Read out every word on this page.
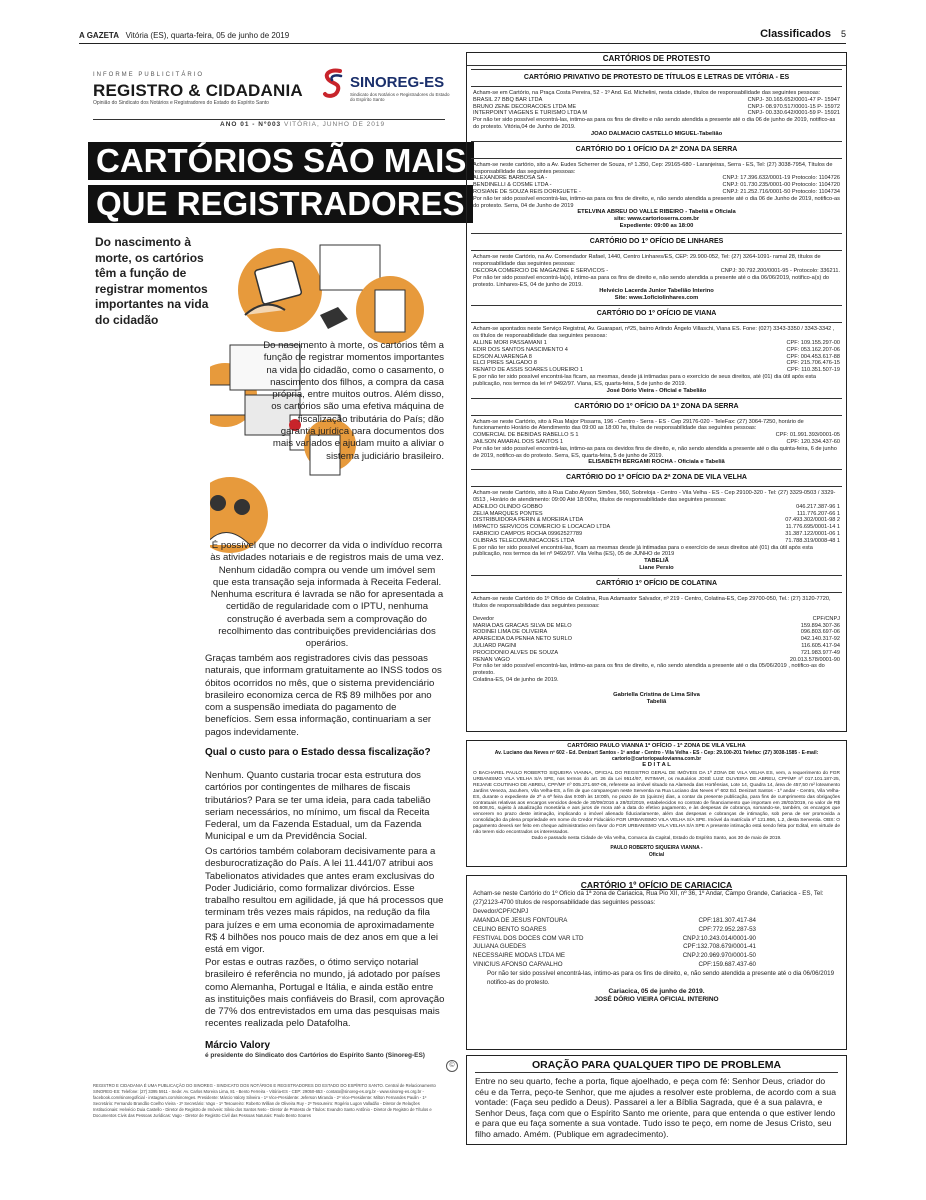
A GAZETA Vitória (ES), quarta-feira, 05 de junho de 2019	Classificados 5
INFORME PUBLICITÁRIO
REGISTRO & CIDADANIA
Opinião do Sindicato dos Notários e Registradores do Estado do Espírito Santo
SINOREG-ES
Sindicato dos Notários e Registradores do Estado do Espírito Santo
ANO 01 - Nº003 VITÓRIA, JUNHO DE 2019
CARTÓRIOS SÃO MAIS
QUE REGISTRADORES
Do nascimento à morte, os cartórios têm a função de registrar momentos importantes na vida do cidadão
Do nascimento à morte, os cartórios têm a função de registrar momentos importantes na vida do cidadão, como o casamento, o nascimento dos filhos, a compra da casa própria, entre muitos outros. Além disso, os cartórios são uma efetiva máquina de fiscalização tributária do País; dão garantia jurídica para documentos dos mais variados e ajudam muito a aliviar o sistema judiciário brasileiro.
É possível que no decorrer da vida o indivíduo recorra às atividades notariais e de registros mais de uma vez. Nenhum cidadão compra ou vende um imóvel sem que esta transação seja informada à Receita Federal. Nenhuma escritura é lavrada se não for apresentada a certidão de regularidade com o IPTU, nenhuma construção é averbada sem a comprovação do recolhimento das contribuições previdenciárias dos operários.
Graças também aos registradores civis das pessoas naturais, que informam gratuitamente ao INSS todos os óbitos ocorridos no mês, que o sistema previdenciário brasileiro economiza cerca de R$ 89 milhões por ano com a suspensão imediata do pagamento de benefícios. Sem essa informação, continuariam a ser pagos indevidamente.
Qual o custo para o Estado dessa fiscalização?
Nenhum. Quanto custaria trocar esta estrutura dos cartórios por contingentes de milhares de fiscais tributários? Para se ter uma ideia, para cada tabelião seriam necessários, no mínimo, um fiscal da Receita Federal, um da Fazenda Estadual, um da Fazenda Municipal e um da Previdência Social.
Os cartórios também colaboram decisivamente para a desburocratização do País. A lei 11.441/07 atribui aos Tabelionatos atividades que antes eram exclusivas do Poder Judiciário, como formalizar divórcios. Esse trabalho resultou em agilidade, já que há processos que terminam três vezes mais rápidos, na redução da fila para juízes e em uma economia de aproximadamente R$ 4 bilhões nos pouco mais de dez anos em que a lei está em vigor.
Por estas e outras razões, o ótimo serviço notarial brasileiro é referência no mundo, já adotado por países como Alemanha, Portugal e Itália, e ainda estão entre as instituições mais confiáveis do Brasil, com aprovação de 77% dos entrevistados em uma das pesquisas mais recentes realizada pelo Datafolha.
Márcio Valory
é presidente do Sindicato dos Cartórios do Espírito Santo (Sinoreg-ES)
©
REGISTRO E CIDADANIA É UMA PUBLICAÇÃO DO SINOREG - SINDICATO DOS NOTÁRIOS E REGISTRADORES DO ESTADO DO ESPÍRITO SANTO. Central de Relacionamento SINOREG-ES: Telefone: (27) 3395 5911 - Sede: Av. Carlos Moreira Lima, 81 - Bento Ferreira - Vitória-ES - CEP: 29050-653 - contato@sinoreg-es.org.br - www.sinoreg-es.org.br - facebook.com/sinoregoficial - instagram.com/sinoreges. Presidente: Márcio Valory Silveira - 1º Vice-Presidente: Jeferson Miranda - 2º Vice-Presidente: Milton Fernandes Paulin - 1º Secretário: Fernando Brandão Coelho Vieira - 2º Secretário: Vago - 1º Tesoureiro: Roberto Willian de Oliveira Ruy - 2º Tesoureiro: Rogério Lugon Valladão - Diretor de Relações Institucionais: Helvécio Duia Castello - Diretor de Registro de Imóveis: Silvio dos Santos Neto - Diretor de Protesto de Títulos: Evandro Santo Antônio - Diretor de Registro de Títulos e Documentos Civis das Pessoas Jurídicas: Vago - Diretor de Registro Civil das Pessoas Naturais: Paulo Bento Soares
CARTÓRIOS DE PROTESTO
CARTÓRIO PRIVATIVO DE PROTESTO DE TÍTULOS E LETRAS DE VITÓRIA - ES
Acham-se em Cartório, na Praça Costa Pereira, 52 - 1º And. Ed. Michelini, nesta cidade, títulos de responsabilidade das seguintes pessoas:
BRASIL 27 BBQ BAR LTDA	CNPJ- 30.165.652/0001-47 P- 15947
BRUNO ZENE DECORACOES LTDA ME	CNPJ- 08.970.517/0001-15 P- 15972
INTERPOINT VIAGENS E TURISMO LTDA M	CNPJ- 00.330.642/0001-59 P- 15921
Por não ter sido possível encontrá-las, intimo-as para os fins de direito e não sendo atendida a presente até o dia 06 de junho de 2019, notifico-as do protesto. Vitória,04 de Junho de 2019.
JOAO DALMACIO CASTELLO MIGUEL-Tabelião
CARTÓRIO DO 1 OFÍCIO DA 2ª ZONA DA SERRA
Acham-se neste cartório, sito a Av. Eudes Scherrer de Souza, nº 1.350, Cep: 29165-680 - Laranjeiras, Serra - ES, Tel: (27) 3038-7954, Títulos de responsabilidade das seguintes pessoas:
ALEXANDRE BARBOSA SA -	CNPJ: 17.396.632/0001-19 Protocolo: 1104726
BENDINELLI & COSME LTDA -	CNPJ: 01.730.235/0001-00 Protocolo: 1104720
ROSIANE DE SOUZA REIS DORIGUETE -	CNPJ: 21.252.716/0001-50 Protocolo: 1104734
Por não ter sido possível encontrá-las, intimo-as para os fins de direito, e, não sendo atendida a presente até o dia 06 de Junho de 2019, notifico-as do protesto. Serra, 04 de Junho de 2019
ETELVINA ABREU DO VALLE RIBEIRO - Tabeliã e Oficiala
site: www.cartorioserra.com.br
Expediente: 09:00 as 18:00
CARTÓRIO DO 1º OFÍCIO DE LINHARES
Acham-se neste Cartório, na Av. Comendador Rafael, 1440, Centro Linhares/ES, CEP: 29.900-052, Tel: (27) 3264-1091- ramal 28, títulos de responsabilidade das seguintes pessoas:
DECORA COMERCIO DE MAGAZINE E SERVICOS -	CNPJ: 30.792.200/0001-95 - Protocolo: 336211.
Por não ter sido possível encontrá-la(s), intimo-as para os fins de direito e, não sendo atendida a presente até o dia 06/06/2019, notifico-a(s) do protesto. Linhares-ES, 04 de junho de 2019.
Helvécio Lacerda Junior Tabelião Interino
Site: www.1oficiolinhares.com
CARTÓRIO DO 1º OFÍCIO DE VIANA
Acham-se apontados neste Serviço Registral, Av. Guarapari, nº25, bairro Arlindo Ângelo Villaschi, Viana ES. Fone: (027) 3343-3350 / 3343-3342 , os títulos de responsabilidade das seguintes pessoas:
ALLINE MORI PASSAMANI 1	CPF: 109.155.297-00
EDIR DOS SANTOS NASCIMENTO 4	CPF: 053.162.207-06
EDSON ALVARENGA 8	CPF: 004.453.617-88
ELCI PIRES SALGADO 8	CPF: 215.706.476-15
RENATO DE ASSIS SOARES LOUREIRO 1	CPF: 110.351.507-19
E por não ter sido possível encontrá-las ficam, as mesmas, desde já intimadas para o exercício de seus direitos, até (01) dia útil após esta publicação, nos termos da lei nº 9492/97. Viana, ES, quarta-feira, 5 de junho de 2019.
José Dório Vieira - Oficial e Tabelião
CARTÓRIO DO 1º OFÍCIO DA 1ª ZONA DA SERRA
Acham-se neste Cartório, sito à Rua Major Pissarra, 196 - Centro - Serra - ES - Cep 29176-020 - TeleFax: (27) 3064-7250, horário de funcionamento Horário de Atendimento das 09:00 as 18:00 hs, títulos de responsabilidade das seguintes pessoas:
COMERCIAL DE BEBIDAS RABELLO S 1	CPF: 01.991.393/0001-05
JAILSON AMARAL DOS SANTOS 1	CPF: 120.334.437-60
Por não ter sido possível encontrá-las, intimo-as para os devidos fins de direito, e, não sendo atendida a presente até o dia quinta-feira, 6 de junho de 2019, notifico-as do protesto. Serra, ES, quarta-feira, 5 de junho de 2019.
ELISABETH BERGAMI ROCHA - Oficiala e Tabeliã
CARTÓRIO DO 1º OFÍCIO DA 2ª ZONA DE VILA VELHA
Acham-se neste Cartório, sito à Rua Cabo Alyson Simões, 560, Sobreloja - Centro - Vila Velha - ES - Cep 29100-320 - Tel: (27) 3329-0503 / 3329-0513 , Horário de atendimento: 09:00 Até 18:00hs, títulos de responsabilidade das seguintes pessoas:
ADEILDO OLINDO GOBBO	046.217.387-96 1
ZELIA MARQUES PONTES	111.776.207-66 1
DISTRIBUIDORA PERIN & MOREIRA LTDA	07.493.302/0001-98 2
IMPACTO SERVICOS COMERCIO E LOCACAO LTDA	11.776.695/0001-14 1
FABRICIO CAMPOS ROCHA 09962527789	31.387.122/0001-06 1
OLIBRAS TELECOMUNICACOES LTDA	71.788.319/0008-48 1
E por não ter sido possível encontrá-las, ficam as mesmas desde já intimadas para o exercício de seus direitos até (01) dia útil após esta publicação, nos termos da lei nº 9492/97. Vila Velha (ES), 05 de JUNHO de 2019
TABELIÃ
Liane Persio
CARTÓRIO 1º OFÍCIO DE COLATINA
Acham-se neste Cartório do 1º Ofício de Colatina, Rua Adamastor Salvador, nº 219 - Centro, Colatina-ES, Cep 29700-050, Tel.: (27) 3120-7720, títulos de responsabilidade das seguintes pessoas:
Devedor	CPF/CNPJ
MARIA DAS GRACAS SILVA DE MELO	159.894.307-36
RODINEI LIMA DE OLIVEIRA	096.803.697-06
APARECIDA DA PENHA NETO SURLO	042.140.317-92
JULIARD PAGINI	116.605.417-94
PROCIDONIO ALVES DE SOUZA	721.983.977-49
RENAN VAGO	20.013.578/0001-90
Por não ter sido possível encontrá-las, intimo-as para os fins de direito, e, não sendo atendida a presente até o dia 05/06/2019 , notifico-as do protesto.
Colatina-ES, 04 de junho de 2019.
Gabriella Cristina de Lima Silva
Tabeliã
CARTÓRIO PAULO VIANNA 1º OFÍCIO - 1ª ZONA DE VILA VELHA
Av. Luciano das Neves nº 602 - Ed. Denizart Santos - 1º andar - Centro - Vila Velha - ES - Cep: 29.100-201 Telefax: (27) 3038-1585 - E-mail: cartorio@cartoriopaulovianna.com.br
E D I T A L
O BACHAREL PAULO ROBERTO SIQUEIRA VIANNA, OFICIAL DO REGISTRO GERAL DE IMÓVEIS DA 1ª ZONA DE VILA VELHA ES, vem, a requerimento do FGR URBANISMO VILA VELHA S/A SPE, nos termos do art. 26 da Lei 9514/97, INTIMAR, os mutuários JOSÉ LUIZ OLIVEIRA DE ABREU, CPF/MF nº 017.101.187-25, REJANE COUTINHO DE ABREU, CPF/MF nº 005.271.697-06, referente ao imóvel situado na Alameda das Hortênsias, Lote 14, Quadra 14, área de 457,50 m² loteamento Jardins Veneza, Jacuhem, Vila Velha-ES, a fim de que compareçam neste Serventia na Rua Luciano das Neves nº 602 Ed. Denizart Santos - 1º andar - Centro, Vila Velha-ES, durante o expediente de 2ª a 6ª feira das 9:00h às 18:00h, no prazo de 15 (quinze) dias, a contar da presente publicação, para fins de cumprimento das obrigações contratuais relativas aos encargos vencidos desde de 30/09/2016 a 28/02/2019, estabelecidos no contrato de financiamento que importam em 28/02/2019, no valor de R$ 90.608,91, sujeito à atualização monetária e aos juros de mora até a data do efetivo pagamento, e às despesas de cobrança, somando-se, também, os encargos que vencerem no prazo deste intimação, implicando o imóvel alienado fiduciariamente, além das despesas e cobranças de intimação, sob pena de ser promovida a consolidação da plena propriedade em nome do Credor Fiduciário FGR URBANISMO VILA VELHA S/A SPE. Imóvel da matrícula nº 121.866, L.2, desta Serventia. OBS: O pagamento deverá ser feito em cheque administrativo em favor do FGR URBANISMO VILA VELHA S/A SPE A presente intimação está sendo feita por Edital, em virtude de não terem sido encontrados os interessados.
Dado e passado nesta Cidade de Vila Velha, Comarca da Capital, Estado do Espírito Santo, aos 30 de maio de 2019.
PAULO ROBERTO SIQUEIRA VIANNA -
Oficial
CARTÓRIO 1º OFÍCIO DE CARIACICA
Acham-se neste Cartório do 1º Ofício da 1ª zona de Cariacica, Rua Pio XII, nº 36, 1º Andar, Campo Grande, Cariacica - ES, Tel:(27)2123-4700 títulos de responsabilidade das seguintes pessoas:
Devedor/CPF/CNPJ
AMANDA DE JESUS FONTOURA	CPF:181.307.417-84
CELINO BENTO SOARES	CPF:772.952.287-53
FESTIVAL DOS DOCES COM VAR LTD	CNPJ:10.243.014/0001-90
JULIANA GUEDES	CPF:132.708.679/0001-41
NECESSAIRE MODAS LTDA ME	CNPJ:20.969.970/0001-50
VINICIUS AFONSO CARVALHO	CPF:159.687.437-60
Por não ter sido possível encontrá-las, intimo-as para os fins de direito, e, não sendo atendida a presente até o dia 06/06/2019 notifico-as do protesto.
Cariacica, 05 de junho de 2019.
JOSÉ DÓRIO VIEIRA OFICIAL INTERINO
ORAÇÃO PARA QUALQUER TIPO DE PROBLEMA
Entre no seu quarto, feche a porta, fique ajoelhado, e peça com fé: Senhor Deus, criador do céu e da Terra, peço-te Senhor, que me ajudes a resolver este problema, de acordo com a sua vontade: (Faça seu pedido a Deus). Passarei a ler a Bíblia Sagrada, que é a sua palavra, e Senhor Deus, faça com que o Espírito Santo me oriente, para que entenda o que estiver lendo e para que eu faça somente a sua vontade. Tudo isso te peço, em nome de Jesus Cristo, seu filho amado. Amém. (Publique em agradecimento).
